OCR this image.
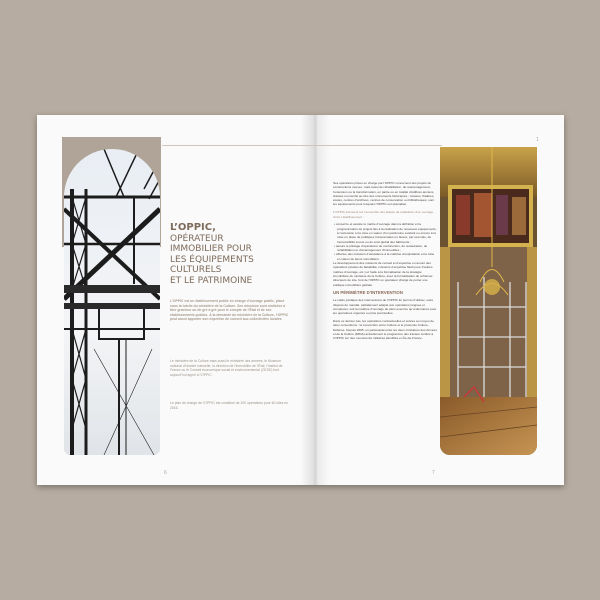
L’OPPIC,
OPÉRATEUR
IMMOBILIER POUR
LES ÉQUIPEMENTS
CULTURELS
ET LE PATRIMOINE

L’OPPIC est un établissement public en charge d’ouvrage public, placé sous la tutelle du ministère de la Culture. Ses missions sont réalisées à titre gracieux ou de gré à gré pour le compte de l’État et de ses établissements publics. À la demande du ministère de la Culture, l’OPPIC peut aussi apporter son expertise de conseil aux collectivités locales.

Le ministère de la Culture mais aussi le ministère des armées, le Muséum national d’histoire naturelle, la direction de l’immobilier de l’État, l’Institut de France ou le Conseil économique social et environnemental (CESE) font aujourd’hui appel à l’OPPIC.

Le plan de charge de l’OPPIC est constitué de 200 opérations pour 60 sites en 2016.

Ses opérations prises en charge par l’OPPIC concernent des projets de constructions neuves, mais aussi de réhabilitation, de réaménagement, l’extension ou la transformation, en partie ou en totalité d’édifices anciens, classés ou inscrits au titre des monuments historiques : musées, théâtres, écoles, centres d’archives, centres de conservation ou bibliothèques, sont les équipements pour lesquels l’OPPIC est spécialisé.

L’OPPIC intervient sur l’ensemble des étapes de réalisation d’un ouvrage. Ainsi, l’établissement :

• conseil le et assiste le maître d’ouvrage dans la définition et la programmation de projets liés à la réalisation de nouveaux équipements, à l’extension et la mise en valeur d’un patrimoine existant ou encore à la mise en place de politiques transversales en faveur, par exemple, de l’accessibilité à tous ou du suivi global des bâtiments ;

• assure le pilotage d’opérations de construction, de restauration, de réhabilitation et d’aménagement d’immeubles ;

• effectue des missions d’assistance à la maîtrise d’exploitation et la mise en valeur de biens immobiliers.

Le développement des missions de conseil et d’expertise en amont des opérations (études de faisabilité, missions d’expertise flash pour d’autres maîtres d’ouvrage, etc.) et l’aide à la formalisation de la stratégie immobilière du ministère de la Culture, avec la formalisation de schémas directeurs de site, font de l’OPPIC un opérateur chargé de porter une politique immobilière globale.

UN PÉRIMÈTRE D’INTERVENTION

Le cadre juridique des interventions de l’OPPIC lui permet d’utiliser, outre disposé du mandat, parfaitement adapté aux opérations longues et complexes, soit la maîtrise d’ouvrage de plein exercice qu’ordonnance pour les opérations urgentes ou plus ponctuelles.

Dans ce dernier cas, les opérations contractuelles et suivies au moyen de deux conventions : la convention entre Culture et le protocole Culture-Défense. Depuis 2005, un partenariat entre les deux ministères des Armées et de la Culture (MINA) actuellement le programme des travaux confiés à l’OPPIC sur des monuments militaires identifiés en Île-de-France.

6	7
1
